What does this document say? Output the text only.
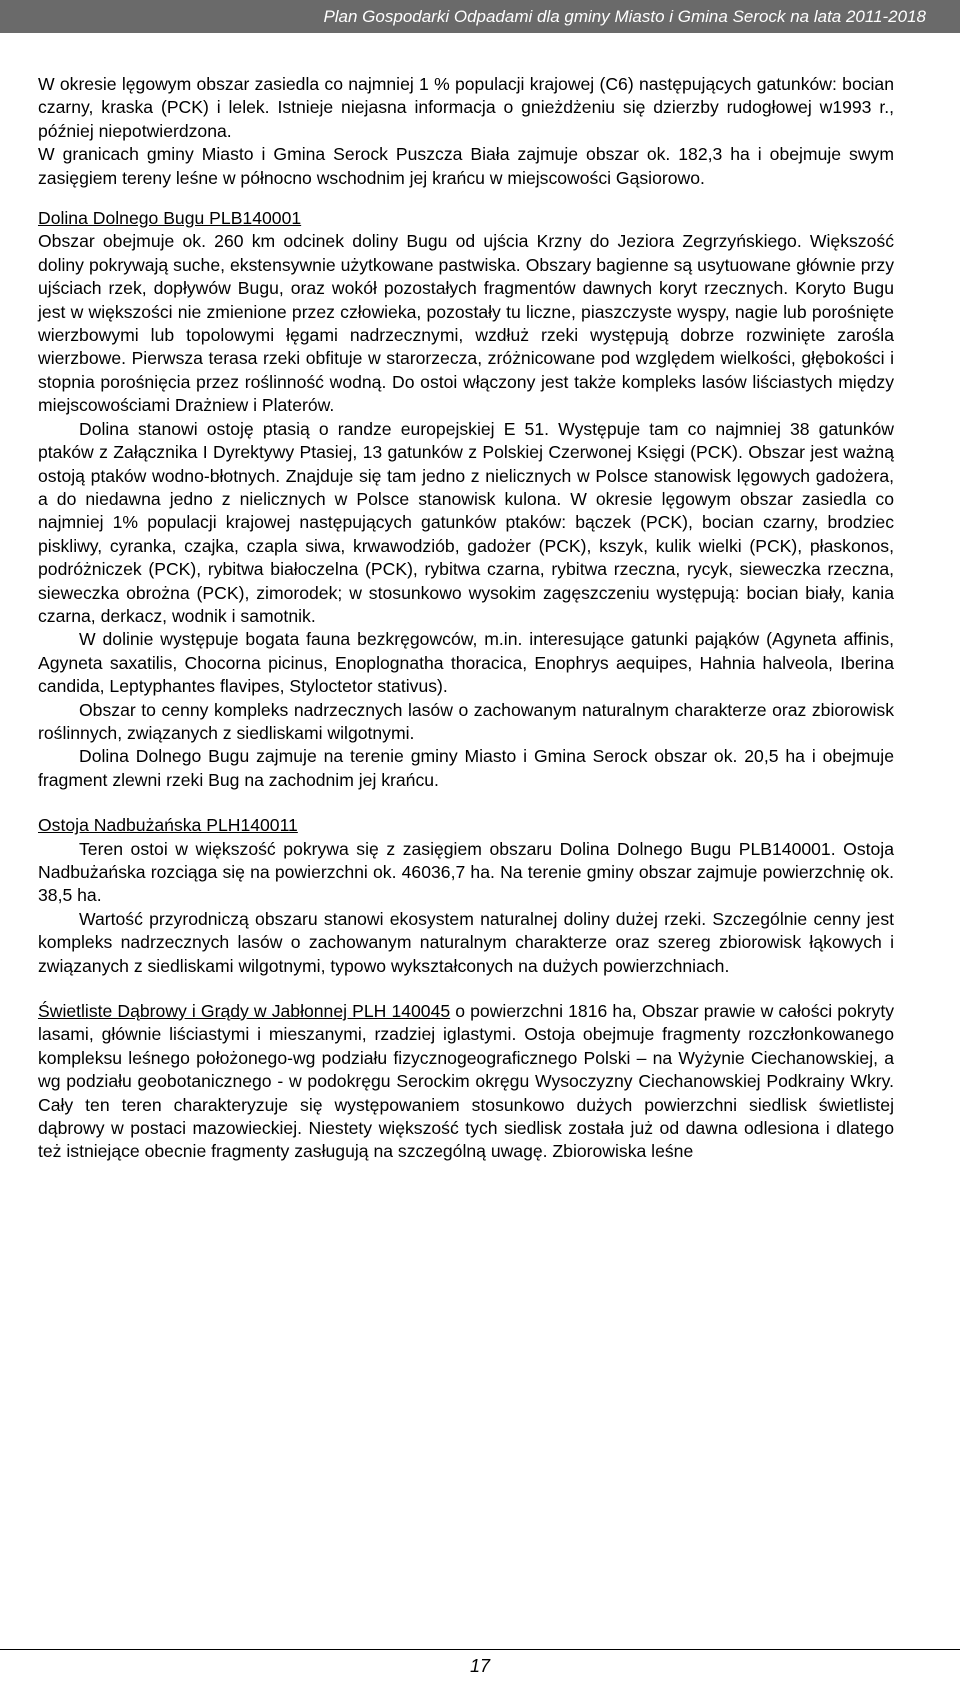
Plan Gospodarki Odpadami dla gminy Miasto i Gmina Serock na lata 2011-2018

W okresie lęgowym obszar zasiedla co najmniej 1 % populacji krajowej (C6) następujących gatunków: bocian czarny, kraska (PCK) i lelek. Istnieje niejasna informacja o gnieżdżeniu się dzierzby rudogłowej w1993 r., później niepotwierdzona.

W granicach gminy Miasto i Gmina Serock Puszcza Biała zajmuje obszar ok. 182,3 ha i obejmuje swym zasięgiem tereny leśne w północno wschodnim jej krańcu w miejscowości Gąsiorowo.

Dolina Dolnego Bugu PLB140001

Obszar obejmuje ok. 260 km odcinek doliny Bugu od ujścia Krzny do Jeziora Zegrzyńskiego. Większość doliny pokrywają suche, ekstensywnie użytkowane pastwiska. Obszary bagienne są usytuowane głównie przy ujściach rzek, dopływów Bugu, oraz wokół pozostałych fragmentów dawnych koryt rzecznych. Koryto Bugu jest w większości nie zmienione przez człowieka, pozostały tu liczne, piaszczyste wyspy, nagie lub porośnięte wierzbowymi lub topolowymi łęgami nadrzecznymi, wzdłuż rzeki występują dobrze rozwinięte zarośla wierzbowe. Pierwsza terasa rzeki obfituje w starorzecza, zróżnicowane pod względem wielkości, głębokości i stopnia porośnięcia przez roślinność wodną. Do ostoi włączony jest także kompleks lasów liściastych między miejscowościami Drażniew i Platerów.

Dolina stanowi ostoję ptasią o randze europejskiej E 51. Występuje tam co najmniej 38 gatunków ptaków z Załącznika I Dyrektywy Ptasiej, 13 gatunków z Polskiej Czerwonej Księgi (PCK). Obszar jest ważną ostoją ptaków wodno-błotnych. Znajduje się tam jedno z nielicznych w Polsce stanowisk lęgowych gadożera, a do niedawna jedno z nielicznych w Polsce stanowisk kulona. W okresie lęgowym obszar zasiedla co najmniej 1% populacji krajowej następujących gatunków ptaków: bączek (PCK), bocian czarny, brodziec piskliwy, cyranka, czajka, czapla siwa, krwawodziób, gadożer (PCK), kszyk, kulik wielki (PCK), płaskonos, podróżniczek (PCK), rybitwa białoczelna (PCK), rybitwa czarna, rybitwa rzeczna, rycyk, sieweczka rzeczna, sieweczka obrożna (PCK), zimorodek; w stosunkowo wysokim zagęszczeniu występują: bocian biały, kania czarna, derkacz, wodnik i samotnik.

W dolinie występuje bogata fauna bezkręgowców, m.in. interesujące gatunki pająków (Agyneta affinis, Agyneta saxatilis, Chocorna picinus, Enoplognatha thoracica, Enophrys aequipes, Hahnia halveola, Iberina candida, Leptyphantes flavipes, Styloctetor stativus).

Obszar to cenny kompleks nadrzecznych lasów o zachowanym naturalnym charakterze oraz zbiorowisk roślinnych, związanych z siedliskami wilgotnymi.

Dolina Dolnego Bugu zajmuje na terenie gminy Miasto i Gmina Serock obszar ok. 20,5 ha i obejmuje fragment zlewni rzeki Bug na zachodnim jej krańcu.

Ostoja Nadbużańska PLH140011

Teren ostoi w większość pokrywa się z zasięgiem obszaru Dolina Dolnego Bugu PLB140001. Ostoja Nadbużańska rozciąga się na powierzchni ok. 46036,7 ha. Na terenie gminy obszar zajmuje powierzchnię ok. 38,5 ha.

Wartość przyrodniczą obszaru stanowi ekosystem naturalnej doliny dużej rzeki. Szczególnie cenny jest kompleks nadrzecznych lasów o zachowanym naturalnym charakterze oraz szereg zbiorowisk łąkowych i związanych z siedliskami wilgotnymi, typowo wykształconych na dużych powierzchniach.

Świetliste Dąbrowy i Grądy w Jabłonnej PLH 140045 o powierzchni 1816 ha, Obszar prawie w całości pokryty lasami, głównie liściastymi i mieszanymi, rzadziej iglastymi. Ostoja obejmuje fragmenty rozczłonkowanego kompleksu leśnego położonego-wg podziału fizycznogeograficznego Polski – na Wyżynie Ciechanowskiej, a wg podziału geobotanicznego - w podokręgu Serockim okręgu Wysoczyzny Ciechanowskiej Podkrainy Wkry. Cały ten teren charakteryzuje się występowaniem stosunkowo dużych powierzchni siedlisk świetlistej dąbrowy w postaci mazowieckiej. Niestety większość tych siedlisk została już od dawna odlesiona i dlatego też istniejące obecnie fragmenty zasługują na szczególną uwagę. Zbiorowiska leśne

17
